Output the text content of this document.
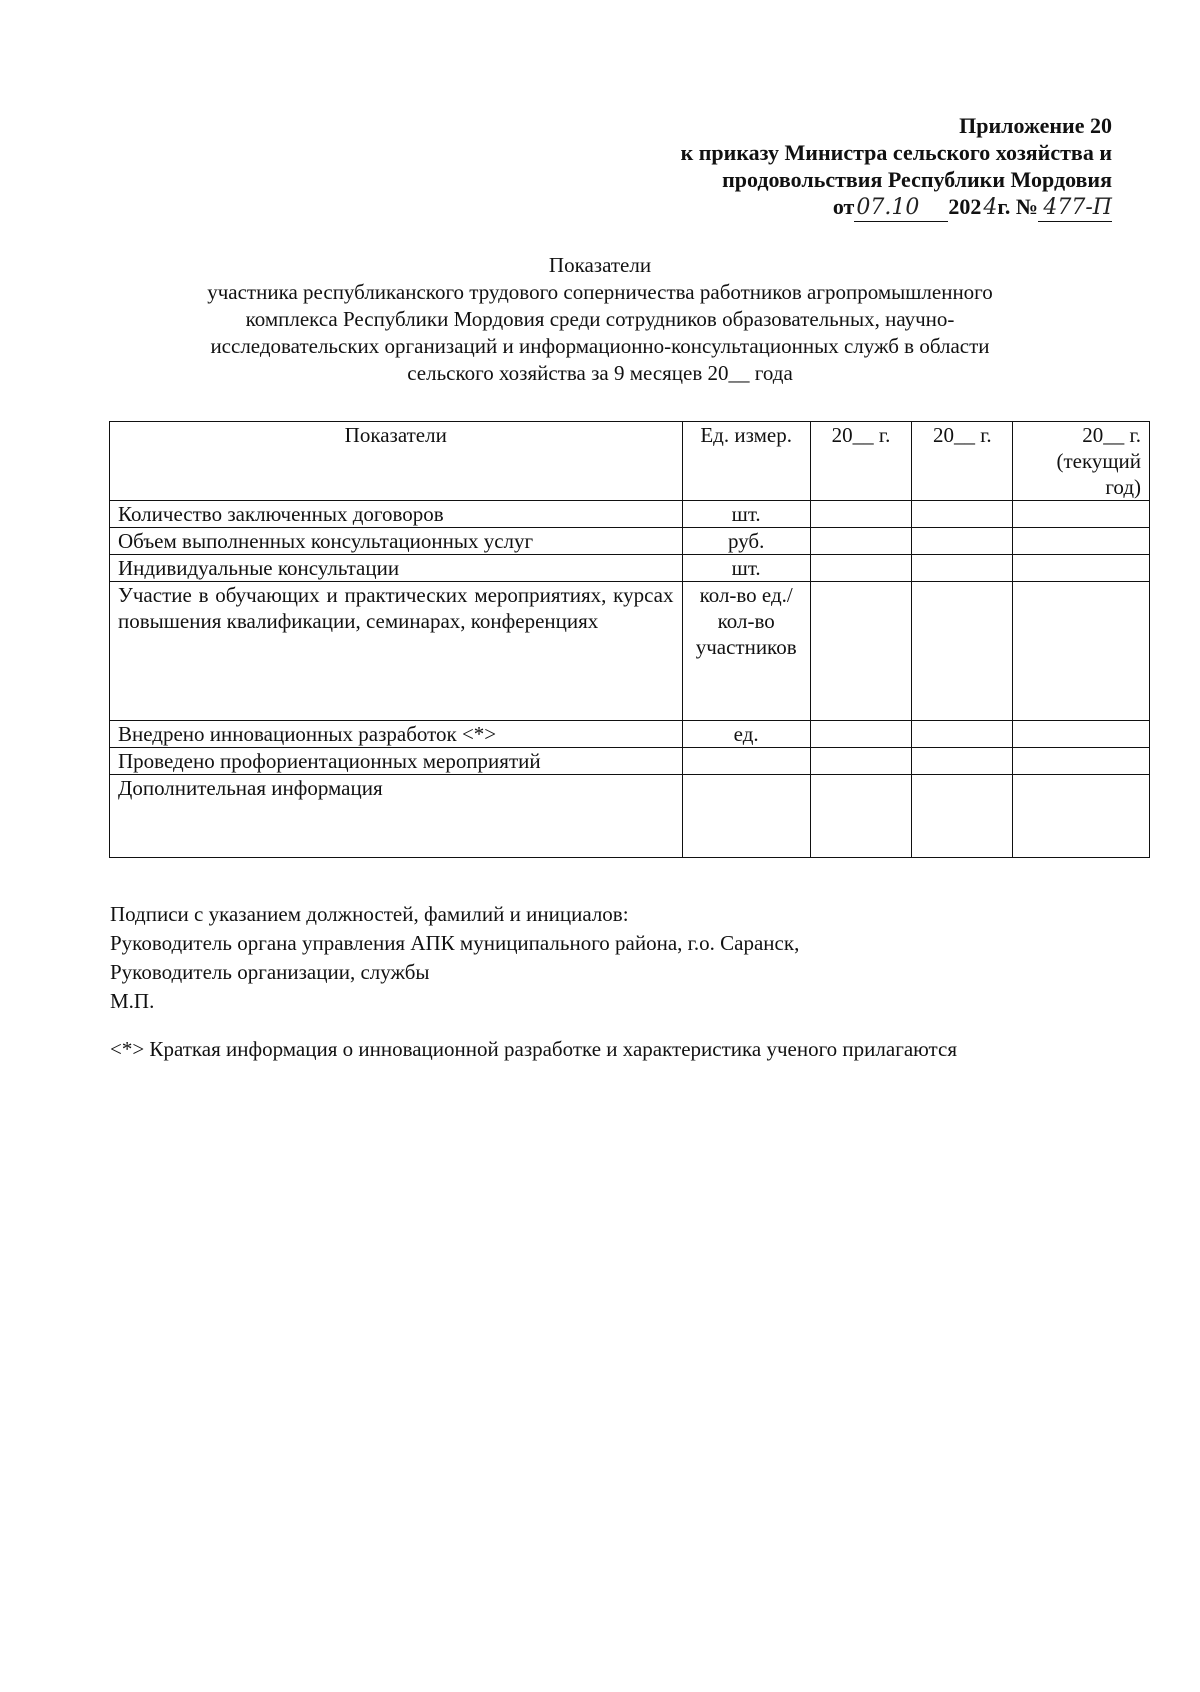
Приложение 20
к приказу Министра сельского хозяйства и
продовольствия Республики Мордовия
от 07.10	202 4 г. № 477-П
Показатели
участника республиканского трудового соперничества работников агропромышленного
комплекса Республики Мордовия среди сотрудников образовательных, научно-
исследовательских организаций и информационно-консультационных служб в области
сельского хозяйства за 9 месяцев 20__ года
Показатели	Ед. измер.	20__ г.	20__ г.	20__ г. (текущий год)
Количество заключенных договоров	шт.			
Объем выполненных консультационных услуг	руб.			
Индивидуальные консультации	шт.			
Участие в обучающих и практических мероприятиях, курсах повышения квалификации, семинарах, конференциях	кол-во ед./кол-во участников			
Внедрено инновационных разработок <*>	ед.			
Проведено профориентационных мероприятий				
Дополнительная информация				
Подписи с указанием должностей, фамилий и инициалов:
Руководитель органа управления АПК муниципального района, г.о. Саранск,
Руководитель организации, службы
М.П.
<*> Краткая информация о инновационной разработке и характеристика ученого прилагаются
